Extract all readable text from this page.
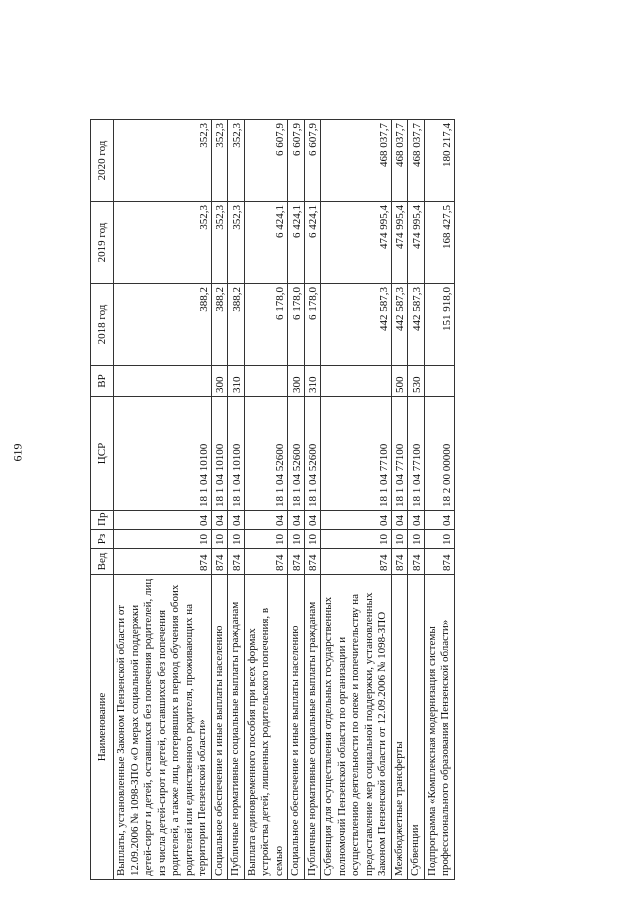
619
Наименование	Вед	Рз	Пр	ЦСР	ВР	2018 год	2019 год	2020 год
Выплаты, установленные Законом Пензенской области от 12.09.2006 № 1098-ЗПО «О мерах социальной поддержки детей-сирот и детей, оставшихся без попечения родителей, лиц из числа детей-сирот и детей, оставшихся без попечения родителей, а также лиц, потерявших в период обучения обоих родителей или единственного родителя, проживающих на территории Пензенской области»	874	10	04	18 1 04 10100		388,2	352,3	352,3
Социальное обеспечение и иные выплаты населению	874	10	04	18 1 04 10100	300	388,2	352,3	352,3
Публичные нормативные социальные выплаты гражданам	874	10	04	18 1 04 10100	310	388,2	352,3	352,3
Выплата единовременного пособия при всех формах устройства детей, лишенных родительского попечения, в семью	874	10	04	18 1 04 52600		6 178,0	6 424,1	6 607,9
Социальное обеспечение и иные выплаты населению	874	10	04	18 1 04 52600	300	6 178,0	6 424,1	6 607,9
Публичные нормативные социальные выплаты гражданам	874	10	04	18 1 04 52600	310	6 178,0	6 424,1	6 607,9
Субвенция для осуществления отдельных государственных полномочий Пензенской области по организации и осуществлению деятельности по опеке и попечительству на предоставление мер социальной поддержки, установленных Законом Пензенской области от 12.09.2006 № 1098-ЗПО	874	10	04	18 1 04 77100		442 587,3	474 995,4	468 037,7
Межбюджетные трансферты	874	10	04	18 1 04 77100	500	442 587,3	474 995,4	468 037,7
Субвенции	874	10	04	18 1 04 77100	530	442 587,3	474 995,4	468 037,7
Подпрограмма «Комплексная модернизация системы профессионального образования Пензенской области»	874	10	04	18 2 00 00000		151 918,0	168 427,5	180 217,4
